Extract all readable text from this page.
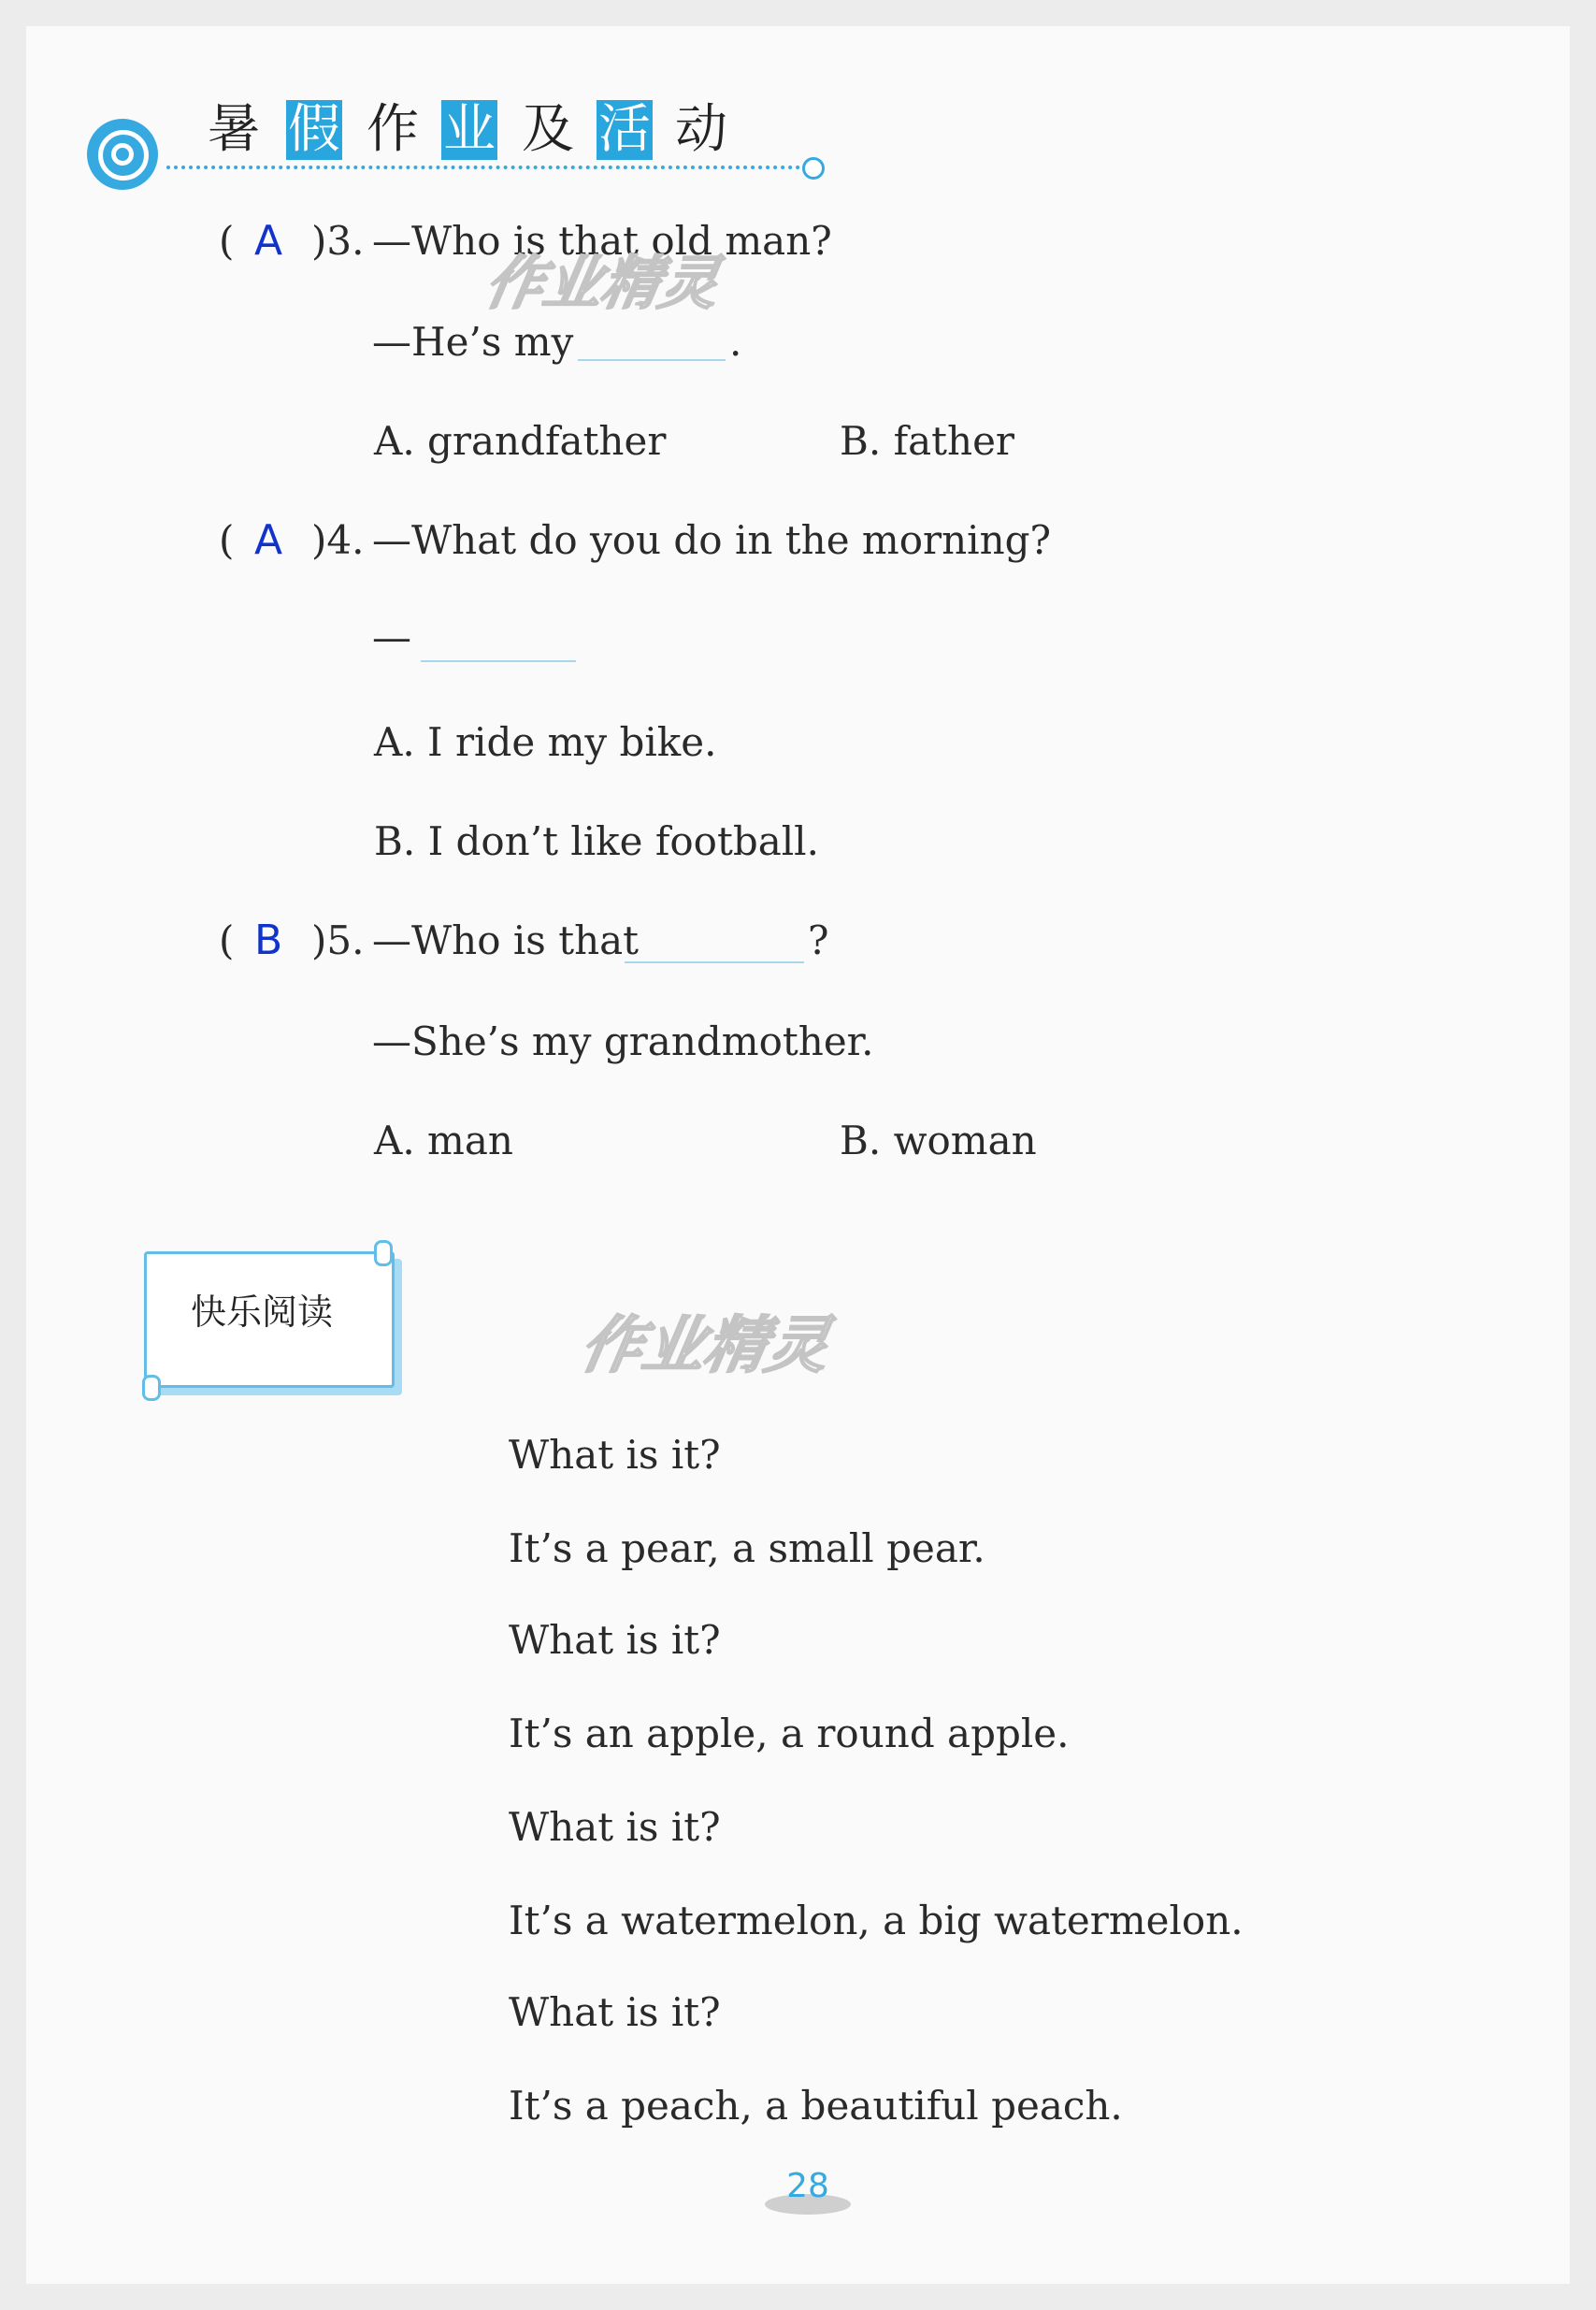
暑 假 作 业 及 活 动
( A )3. —Who is that old man?
—He’s my	.
A. grandfather	B. father
作业精灵
( A )4. —What do you do in the morning?
—
A. I ride my bike.
B. I don’t like football.
( B )5. —Who is that	?
—She’s my grandmother.
A. man	B. woman
快乐阅读	作业精灵
What is it?
It’s a pear, a small pear.
What is it?
It’s an apple, a round apple.
What is it?
It’s a watermelon, a big watermelon.
What is it?
It’s a peach, a beautiful peach.
28
